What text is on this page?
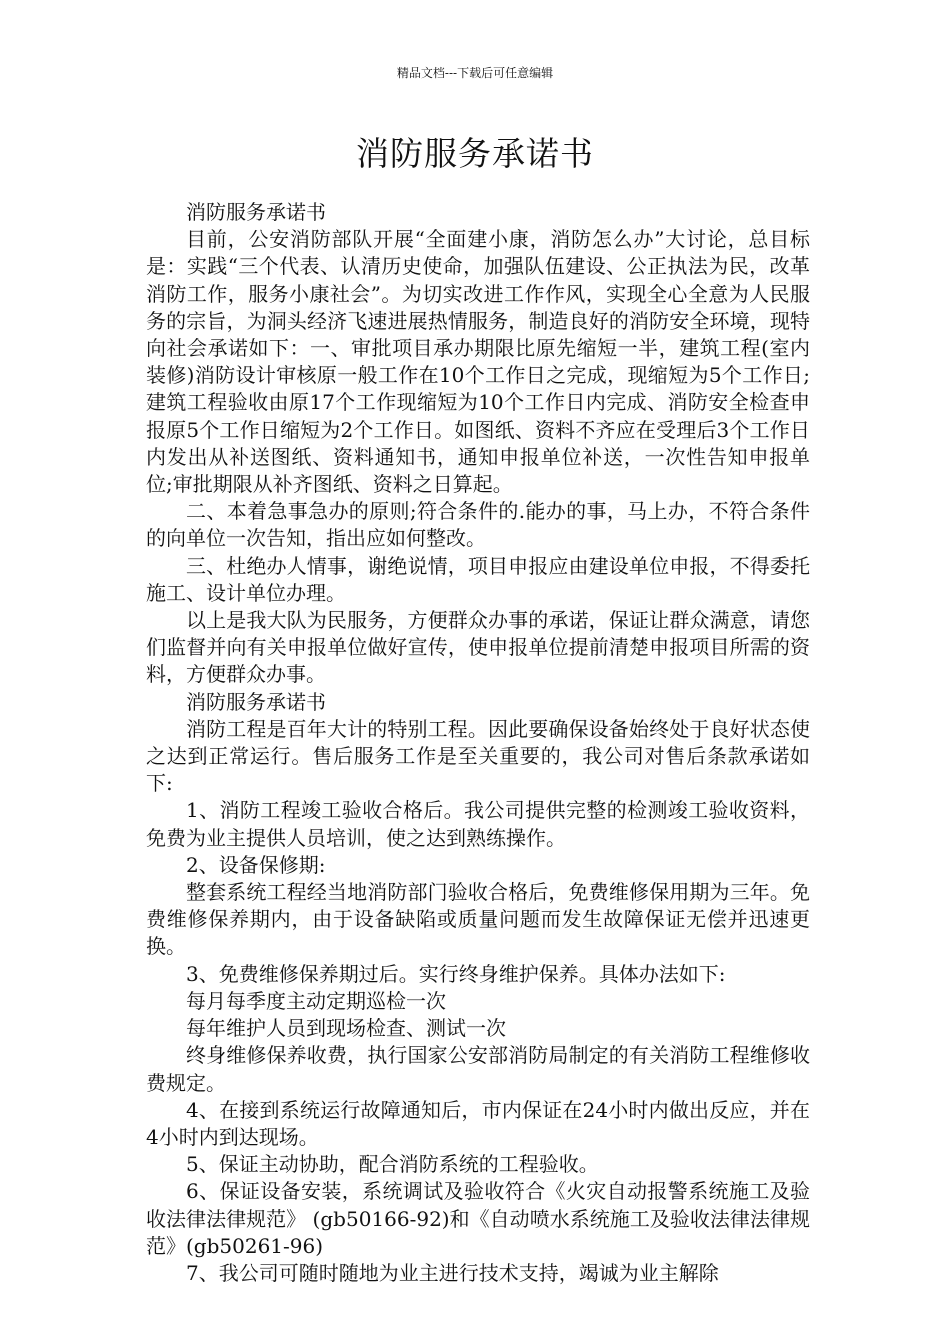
精品文档---下载后可任意编辑
消防服务承诺书

消防服务承诺书

目前，公安消防部队开展“全面建小康，消防怎么办”大讨论，总目标是：实践“三个代表、认清历史使命，加强队伍建设、公正执法为民，改革消防工作，服务小康社会”。为切实改进工作作风，实现全心全意为人民服务的宗旨，为洞头经济飞速进展热情服务，制造良好的消防安全环境，现特向社会承诺如下：一、审批项目承办期限比原先缩短一半，建筑工程(室内装修)消防设计审核原一般工作在10个工作日之完成，现缩短为5个工作日;建筑工程验收由原17个工作现缩短为10个工作日内完成、消防安全检查申报原5个工作日缩短为2个工作日。如图纸、资料不齐应在受理后3个工作日内发出从补送图纸、资料通知书，通知申报单位补送，一次性告知申报单位;审批期限从补齐图纸、资料之日算起。

二、本着急事急办的原则;符合条件的.能办的事，马上办，不符合条件的向单位一次告知，指出应如何整改。

三、杜绝办人情事，谢绝说情，项目申报应由建设单位申报，不得委托施工、设计单位办理。

以上是我大队为民服务，方便群众办事的承诺，保证让群众满意，请您们监督并向有关申报单位做好宣传，使申报单位提前清楚申报项目所需的资料，方便群众办事。

消防服务承诺书

消防工程是百年大计的特别工程。因此要确保设备始终处于良好状态使之达到正常运行。售后服务工作是至关重要的，我公司对售后条款承诺如下:

1、消防工程竣工验收合格后。我公司提供完整的检测竣工验收资料，免费为业主提供人员培训，使之达到熟练操作。

2、设备保修期:

整套系统工程经当地消防部门验收合格后，免费维修保用期为三年。免费维修保养期内，由于设备缺陷或质量问题而发生故障保证无偿并迅速更换。

3、免费维修保养期过后。实行终身维护保养。具体办法如下:

每月每季度主动定期巡检一次

每年维护人员到现场检查、测试一次

终身维修保养收费，执行国家公安部消防局制定的有关消防工程维修收费规定。

4、在接到系统运行故障通知后，市内保证在24小时内做出反应，并在4小时内到达现场。

5、保证主动协助，配合消防系统的工程验收。

6、保证设备安装，系统调试及验收符合《火灾自动报警系统施工及验收法律法律规范》 (gb50166-92)和《自动喷水系统施工及验收法律法律规范》(gb50261-96)

7、我公司可随时随地为业主进行技术支持，竭诚为业主解除
